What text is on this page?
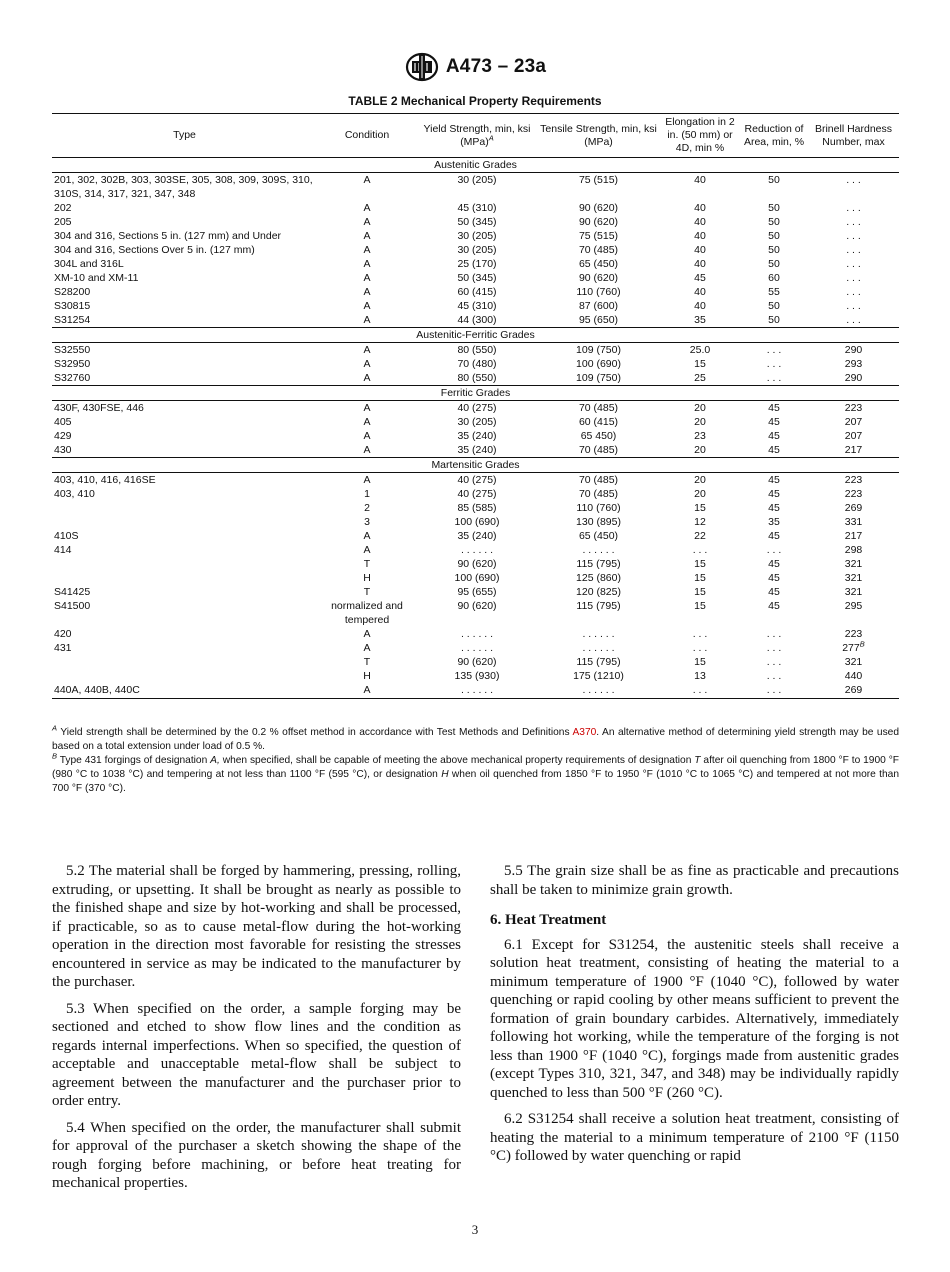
A473 – 23a
TABLE 2 Mechanical Property Requirements
Type	Condition	Yield Strength, min, ksi (MPa)$^A$	Tensile Strength, min, ksi (MPa)	Elongation in 2 in. (50 mm) or 4D, min %	Reduction of Area, min, %	Brinell Hardness Number, max
Austenitic Grades						
201, 302, 302B, 303, 303SE, 305, 308, 309, 309S, 310, 310S, 314, 317, 321, 347, 348	A	30 (205)	75 (515)	40	50	. . .
202	A	45 (310)	90 (620)	40	50	. . .
205	A	50 (345)	90 (620)	40	50	. . .
304 and 316, Sections 5 in. (127 mm) and Under	A	30 (205)	75 (515)	40	50	. . .
304 and 316, Sections Over 5 in. (127 mm)	A	30 (205)	70 (485)	40	50	. . .
304L and 316L	A	25 (170)	65 (450)	40	50	. . .
XM-10 and XM-11	A	50 (345)	90 (620)	45	60	. . .
S28200	A	60 (415)	110 (760)	40	55	. . .
S30815	A	45 (310)	87 (600)	40	50	. . .
S31254	A	44 (300)	95 (650)	35	50	. . .
Austenitic-Ferritic Grades						
S32550	A	80 (550)	109 (750)	25.0	. . .	290
S32950	A	70 (480)	100 (690)	15	. . .	293
S32760	A	80 (550)	109 (750)	25	. . .	290
Ferritic Grades						
430F, 430FSE, 446	A	40 (275)	70 (485)	20	45	223
405	A	30 (205)	60 (415)	20	45	207
429	A	35 (240)	65 450)	23	45	207
430	A	35 (240)	70 (485)	20	45	217
Martensitic Grades						
403, 410, 416, 416SE	A	40 (275)	70 (485)	20	45	223
403, 410	1	40 (275)	70 (485)	20	45	223
	2	85 (585)	110 (760)	15	45	269
	3	100 (690)	130 (895)	12	35	331
410S	A	35 (240)	65 (450)	22	45	217
414	A	. . . . . .	. . . . . .	. . .	. . .	298
	T	90 (620)	115 (795)	15	45	321
	H	100 (690)	125 (860)	15	45	321
S41425	T	95 (655)	120 (825)	15	45	321
S41500	normalized and tempered	90 (620)	115 (795)	15	45	295
420	A	. . . . . .	. . . . . .	. . .	. . .	223
431	A	. . . . . .	. . . . . .	. . .	. . .	$277^B$
	T	90 (620)	115 (795)	15	. . .	321
	H	135 (930)	175 (1210)	13	. . .	440
440A, 440B, 440C	A	. . . . . .	. . . . . .	. . .	. . .	269

$^A$ Yield strength shall be determined by the 0.2 % offset method in accordance with Test Methods and Definitions A370. An alternative method of determining yield strength may be used based on a total extension under load of 0.5 %.

$^B$ Type 431 forgings of designation A, when specified, shall be capable of meeting the above mechanical property requirements of designation T after oil quenching from 1800 °F to 1900 °F (980 °C to 1038 °C) and tempering at not less than 1100 °F (595 °C), or designation H when oil quenched from 1850 °F to 1950 °F (1010 °C to 1065 °C) and tempered at not more than 700 °F (370 °C).

5.2 The material shall be forged by hammering, pressing, rolling, extruding, or upsetting. It shall be brought as nearly as possible to the finished shape and size by hot-working and shall be processed, if practicable, so as to cause metal-flow during the hot-working operation in the direction most favorable for resisting the stresses encountered in service as may be indicated to the manufacturer by the purchaser.

5.3 When specified on the order, a sample forging may be sectioned and etched to show flow lines and the condition as regards internal imperfections. When so specified, the question of acceptable and unacceptable metal-flow shall be subject to agreement between the manufacturer and the purchaser prior to order entry.

5.4 When specified on the order, the manufacturer shall submit for approval of the purchaser a sketch showing the shape of the rough forging before machining, or before heat treating for mechanical properties.

5.5 The grain size shall be as fine as practicable and precautions shall be taken to minimize grain growth.

6. Heat Treatment

6.1 Except for S31254, the austenitic steels shall receive a solution heat treatment, consisting of heating the material to a minimum temperature of 1900 °F (1040 °C), followed by water quenching or rapid cooling by other means sufficient to prevent the formation of grain boundary carbides. Alternatively, immediately following hot working, while the temperature of the forging is not less than 1900 °F (1040 °C), forgings made from austenitic grades (except Types 310, 321, 347, and 348) may be individually rapidly quenched to less than 500 °F (260 °C).

6.2 S31254 shall receive a solution heat treatment, consisting of heating the material to a minimum temperature of 2100 °F (1150 °C) followed by water quenching or rapid

3
